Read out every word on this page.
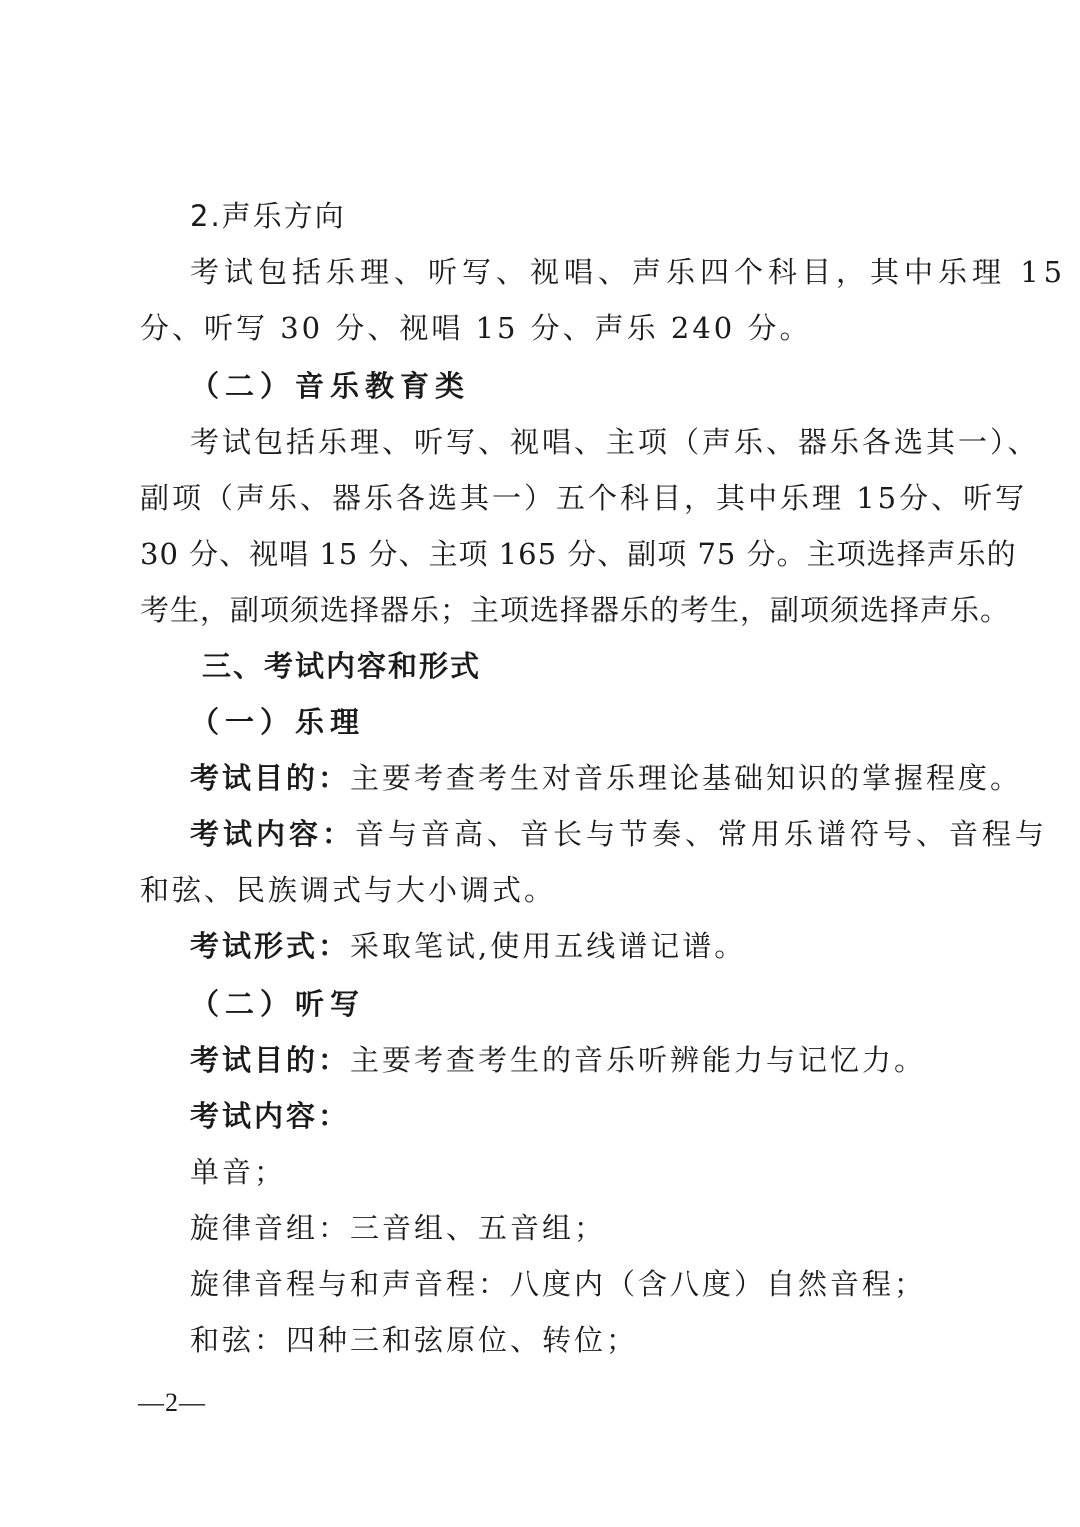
2.声乐方向
考试包括乐理、听写、视唱、声乐四个科目，其中乐理 15
分、听写 30 分、视唱 15 分、声乐 240 分。
（二）音乐教育类
考试包括乐理、听写、视唱、主项（声乐、器乐各选其一）、
副项（声乐、器乐各选其一）五个科目，其中乐理 15分、听写
30 分、视唱 15 分、主项 165 分、副项 75 分。主项选择声乐的
考生，副项须选择器乐；主项选择器乐的考生，副项须选择声乐。
三、考试内容和形式
（一）乐理
考试目的：主要考查考生对音乐理论基础知识的掌握程度。
考试内容：音与音高、音长与节奏、常用乐谱符号、音程与
和弦、民族调式与大小调式。
考试形式：采取笔试,使用五线谱记谱。
（二）听写
考试目的：主要考查考生的音乐听辨能力与记忆力。
考试内容：
单音；
旋律音组：三音组、五音组；
旋律音程与和声音程：八度内（含八度）自然音程；
和弦：四种三和弦原位、转位；
—2—
